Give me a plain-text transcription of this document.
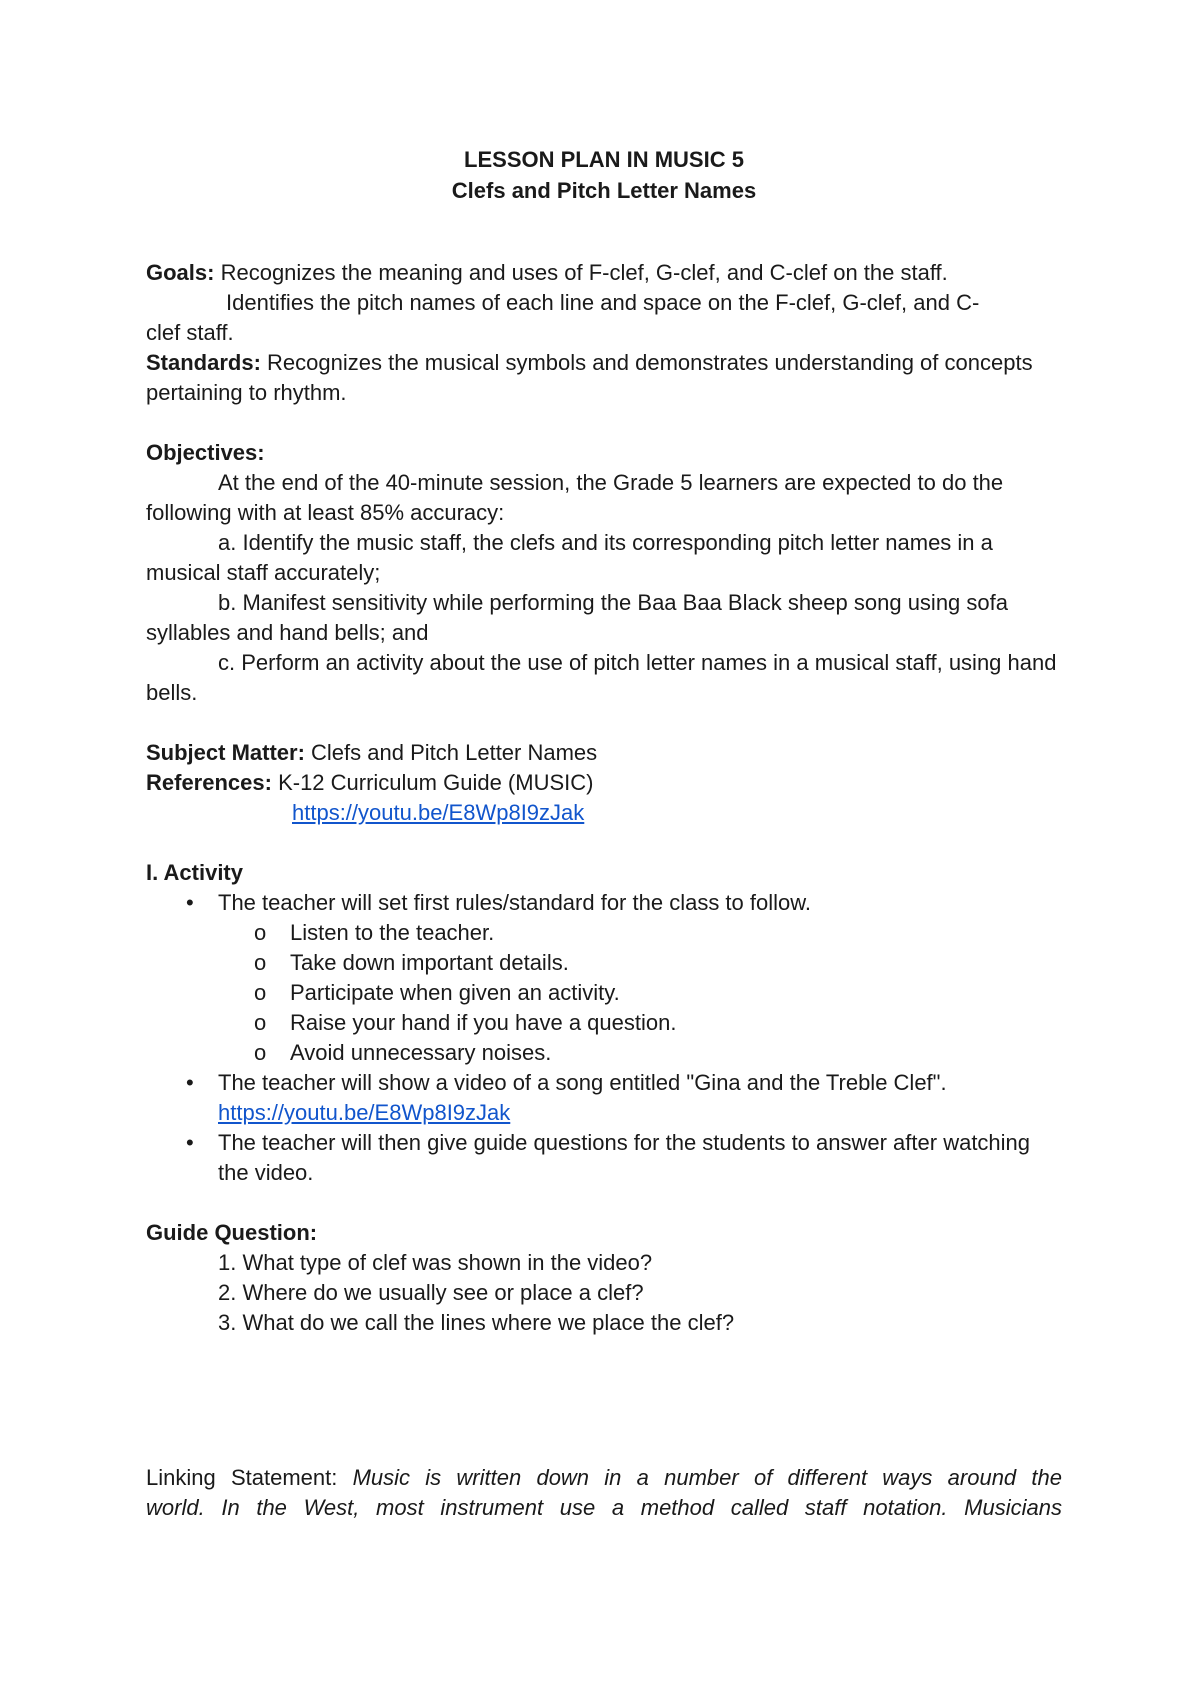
LESSON PLAN IN MUSIC 5

Clefs and Pitch Letter Names

Goals: Recognizes the meaning and uses of F-clef, G-clef, and C-clef on the staff.

Identifies the pitch names of each line and space on the F-clef, G-clef, and C-

clef staff.

Standards: Recognizes the musical symbols and demonstrates understanding of concepts pertaining to rhythm.

Objectives:

At the end of the 40-minute session, the Grade 5 learners are expected to do the following with at least 85% accuracy:

a. Identify the music staff, the clefs and its corresponding pitch letter names in a musical staff accurately;

b. Manifest sensitivity while performing the Baa Baa Black sheep song using sofa syllables and hand bells; and

c. Perform an activity about the use of pitch letter names in a musical staff, using hand bells.

Subject Matter: Clefs and Pitch Letter Names

References: K-12 Curriculum Guide (MUSIC)

https://youtu.be/E8Wp8I9zJak

I. Activity

• The teacher will set first rules/standard for the class to follow.
o Listen to the teacher.
o Take down important details.
o Participate when given an activity.
o Raise your hand if you have a question.
o Avoid unnecessary noises.
• The teacher will show a video of a song entitled "Gina and the Treble Clef".
https://youtu.be/E8Wp8I9zJak
• The teacher will then give guide questions for the students to answer after watching the video.

Guide Question:

1. What type of clef was shown in the video?

2. Where do we usually see or place a clef?

3. What do we call the lines where we place the clef?

Linking Statement: Music is written down in a number of different ways around the

world. In the West, most instrument use a method called staff notation. Musicians
